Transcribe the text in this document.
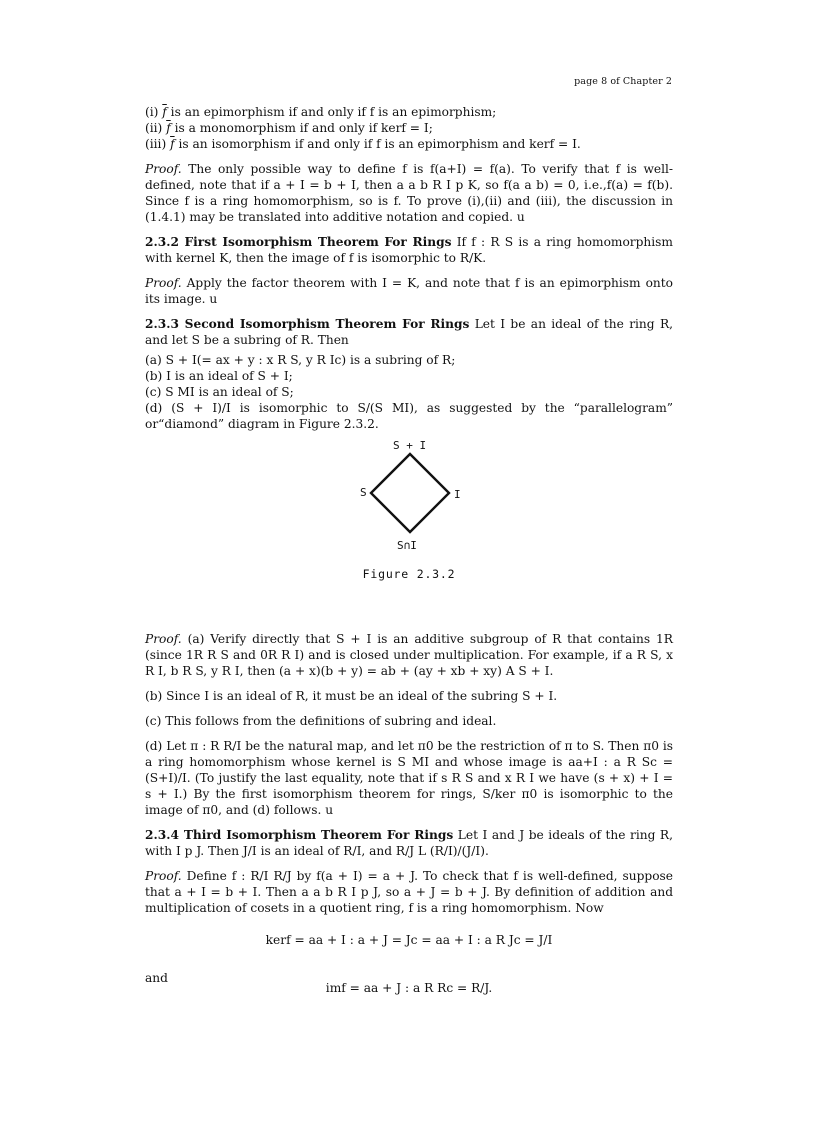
page 8 of Chapter 2
(i) $\overline{f}$ is an epimorphism if and only if f is an epimorphism;
(ii) $\overline{f}$ is a monomorphism if and only if kerf = I;
(iii) $\overline{f}$ is an isomorphism if and only if f is an epimorphism and kerf = I.

Proof. The only possible way to define f is f(a+I) = f(a). To verify that f is well-defined, note that if a + I = b + I, then a a b R I p K, so f(a a b) = 0, i.e.,f(a) = f(b). Since f is a ring homomorphism, so is f. To prove (i),(ii) and (iii), the discussion in (1.4.1) may be translated into additive notation and copied. u

2.3.2 First Isomorphism Theorem For Rings If f : R S is a ring homomorphism with kernel K, then the image of f is isomorphic to R/K.

Proof. Apply the factor theorem with I = K, and note that f is an epimorphism onto its image. u

2.3.3 Second Isomorphism Theorem For Rings Let I be an ideal of the ring R, and let S be a subring of R. Then

(a) S + I(= ax + y : x R S, y R Ic) is a subring of R;
(b) I is an ideal of S + I;
(c) S MI is an ideal of S;
(d) (S + I)/I is isomorphic to S/(S MI), as suggested by the “parallelogram” or“diamond” diagram in Figure 2.3.2.
S + I
S	I
S∩I
Figure 2.3.2

Proof. (a) Verify directly that S + I is an additive subgroup of R that contains 1R (since 1R R S and 0R R I) and is closed under multiplication. For example, if a R S, x R I, b R S, y R I, then (a + x)(b + y) = ab + (ay + xb + xy) A S + I.

(b) Since I is an ideal of R, it must be an ideal of the subring S + I.

(c) This follows from the definitions of subring and ideal.

(d) Let π : R R/I be the natural map, and let π0 be the restriction of π to S. Then π0 is a ring homomorphism whose kernel is S MI and whose image is aa+I : a R Sc = (S+I)/I. (To justify the last equality, note that if s R S and x R I we have (s + x) + I = s + I.) By the first isomorphism theorem for rings, S/ker π0 is isomorphic to the image of π0, and (d) follows. u

2.3.4 Third Isomorphism Theorem For Rings Let I and J be ideals of the ring R, with I p J. Then J/I is an ideal of R/I, and R/J L (R/I)/(J/I).

Proof. Define f : R/I R/J by f(a + I) = a + J. To check that f is well-defined, suppose that a + I = b + I. Then a a b R I p J, so a + J = b + J. By definition of addition and multiplication of cosets in a quotient ring, f is a ring homomorphism. Now

kerf = aa + I : a + J = Jc = aa + I : a R Jc = J/I
and
imf = aa + J : a R Rc = R/J.
